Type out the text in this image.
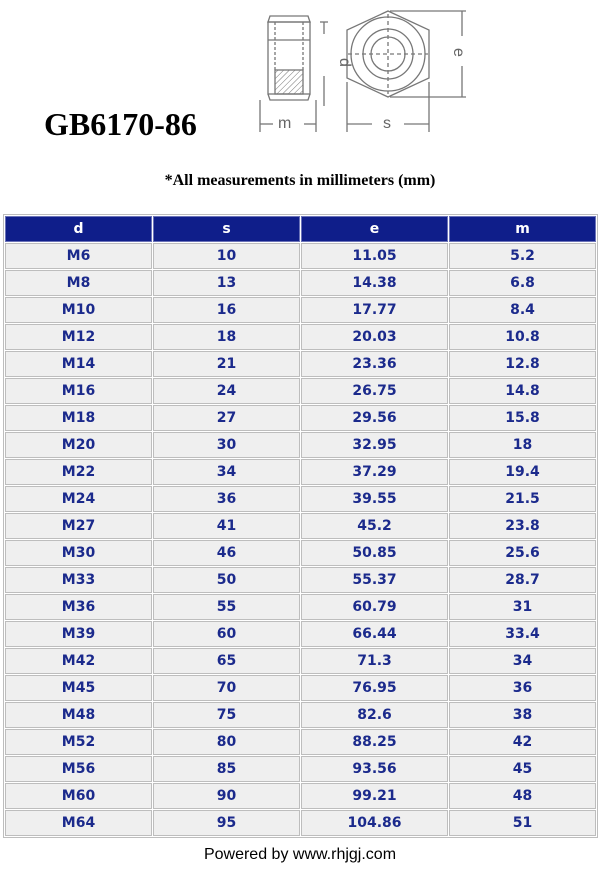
GB6170-86
d
e
m	s
*All measurements in millimeters (mm)
d	s	e	m
M6	10	11.05	5.2
M8	13	14.38	6.8
M10	16	17.77	8.4
M12	18	20.03	10.8
M14	21	23.36	12.8
M16	24	26.75	14.8
M18	27	29.56	15.8
M20	30	32.95	18
M22	34	37.29	19.4
M24	36	39.55	21.5
M27	41	45.2	23.8
M30	46	50.85	25.6
M33	50	55.37	28.7
M36	55	60.79	31
M39	60	66.44	33.4
M42	65	71.3	34
M45	70	76.95	36
M48	75	82.6	38
M52	80	88.25	42
M56	85	93.56	45
M60	90	99.21	48
M64	95	104.86	51
Powered by www.rhjgj.com
